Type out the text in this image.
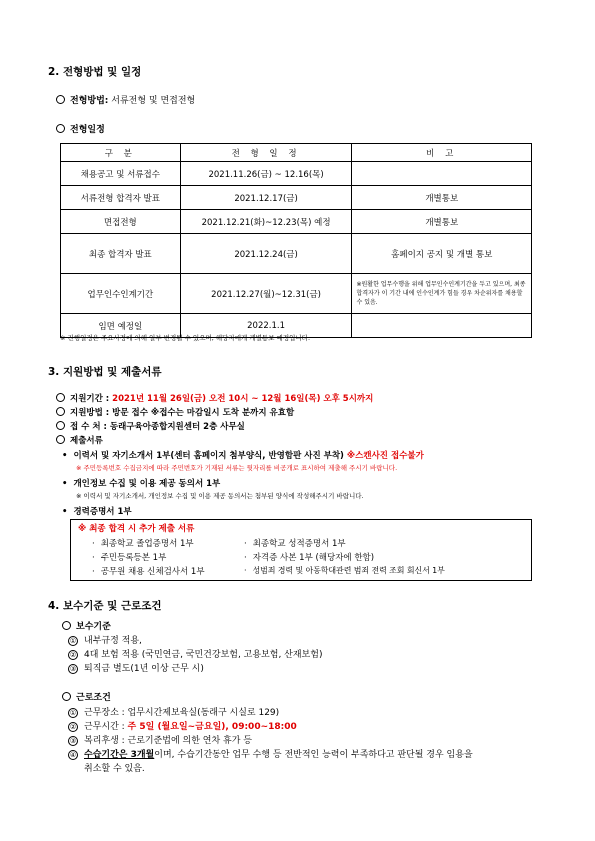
2. 전형방법 및 일정
전형방법: 서류전형 및 면접전형
전형일정
구 분	전 형 일 정	비 고
채용공고 및 서류접수	2021.11.26(금) ~ 12.16(목)	
서류전형 합격자 발표	2021.12.17(금)	개별통보
면접전형	2021.12.21(화)~12.23(목) 예정	개별통보
최종 합격자 발표	2021.12.24(금)	홈페이지 공지 및 개별 통보
업무인수인계기간	2021.12.27(월)~12.31(금)	※원활한 업무수행을 위해 업무인수인계기간을 두고 있으며, 최종합격자가 이 기간 내에 인수인계가 힘들 경우 차순위자를 채용할 수 있음.
임면 예정일	2022.1.1	
※ 진행일정은 주요사정에 의해 일부 변경될 수 있으며, 해당자에게 개별통보 예정입니다.
3. 지원방법 및 제출서류
지원기간 : 2021년 11월 26일(금) 오전 10시 ~ 12월 16일(목) 오후 5시까지
지원방법 : 방문 접수 ※접수는 마감일시 도착 분까지 유효함
접 수 처 : 동래구육아종합지원센터 2층 사무실
제출서류
• 이력서 및 자기소개서 1부(센터 홈페이지 첨부양식, 반영함판 사진 부착) ※스캔사진 접수불가
※ 주민등록번호 수집금지에 따라 주민번호가 기재된 서류는 뒷자리를 비공개로 표시하여 제출해 주시기 바랍니다.
• 개인정보 수집 및 이용 제공 동의서 1부
※ 이력서 및 자기소개서, 개인정보 수집 및 이용 제공 동의서는 첨부된 양식에 작성해주시기 바랍니다.
• 경력증명서 1부
※ 최종 합격 시 추가 제출 서류
· 최종학교 졸업증명서 1부
· 주민등록등본 1부
· 공무원 채용 신체검사서 1부
· 최종학교 성적증명서 1부
· 자격증 사본 1부 (해당자에 한함)
· 성범죄 경력 및 아동학대관련 범죄 전력 조회 회신서 1부
4. 보수기준 및 근로조건
보수기준
① 내부규정 적용,
② 4대 보험 적용 (국민연금, 국민건강보험, 고용보험, 산재보험)
③ 퇴직금 별도(1년 이상 근무 시)
근로조건
① 근무장소 : 업무시간제보육실(동래구 시실로 129)
② 근무시간 : 주 5일 (월요일~금요일), 09:00~18:00
③ 복리후생 : 근로기준법에 의한 연차 휴가 등
④ 수습기간은 3개월이며, 수습기간동안 업무 수행 등 전반적인 능력이 부족하다고 판단될 경우 임용을
취소할 수 있음.
